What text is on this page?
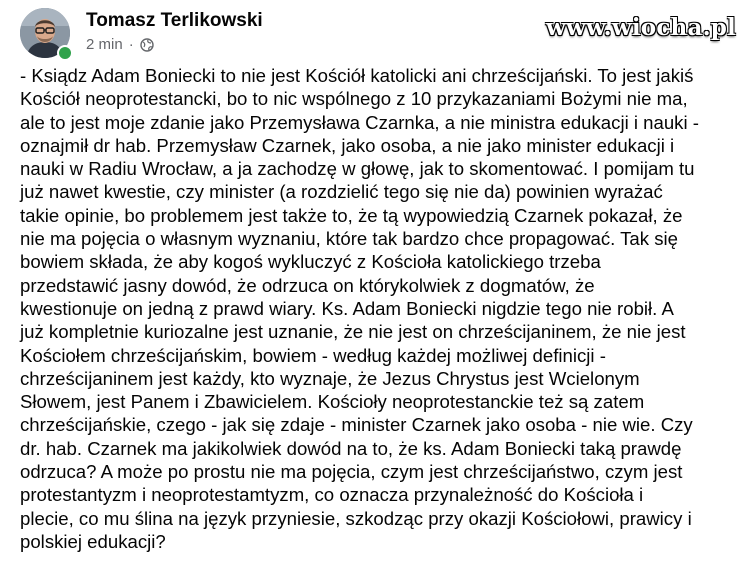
Tomasz Terlikowski
2 min ·
www.wiocha.pl
- Ksiądz Adam Boniecki to nie jest Kościół katolicki ani chrześcijański. To jest jakiś
Kościół neoprotestancki, bo to nic wspólnego z 10 przykazaniami Bożymi nie ma,
ale to jest moje zdanie jako Przemysława Czarnka, a nie ministra edukacji i nauki -
oznajmił dr hab. Przemysław Czarnek, jako osoba, a nie jako minister edukacji i
nauki w Radiu Wrocław, a ja zachodzę w głowę, jak to skomentować. I pomijam tu
już nawet kwestie, czy minister (a rozdzielić tego się nie da) powinien wyrażać
takie opinie, bo problemem jest także to, że tą wypowiedzią Czarnek pokazał, że
nie ma pojęcia o własnym wyznaniu, które tak bardzo chce propagować. Tak się
bowiem składa, że aby kogoś wykluczyć z Kościoła katolickiego trzeba
przedstawić jasny dowód, że odrzuca on którykolwiek z dogmatów, że
kwestionuje on jedną z prawd wiary. Ks. Adam Boniecki nigdzie tego nie robił. A
już kompletnie kuriozalne jest uznanie, że nie jest on chrześcijaninem, że nie jest
Kościołem chrześcijańskim, bowiem - według każdej możliwej definicji -
chrześcijaninem jest każdy, kto wyznaje, że Jezus Chrystus jest Wcielonym
Słowem, jest Panem i Zbawicielem. Kościoły neoprotestanckie też są zatem
chrześcijańskie, czego - jak się zdaje - minister Czarnek jako osoba - nie wie. Czy
dr. hab. Czarnek ma jakikolwiek dowód na to, że ks. Adam Boniecki taką prawdę
odrzuca? A może po prostu nie ma pojęcia, czym jest chrześcijaństwo, czym jest
protestantyzm i neoprotestamtyzm, co oznacza przynależność do Kościoła i
plecie, co mu ślina na język przyniesie, szkodząc przy okazji Kościołowi, prawicy i
polskiej edukacji?
